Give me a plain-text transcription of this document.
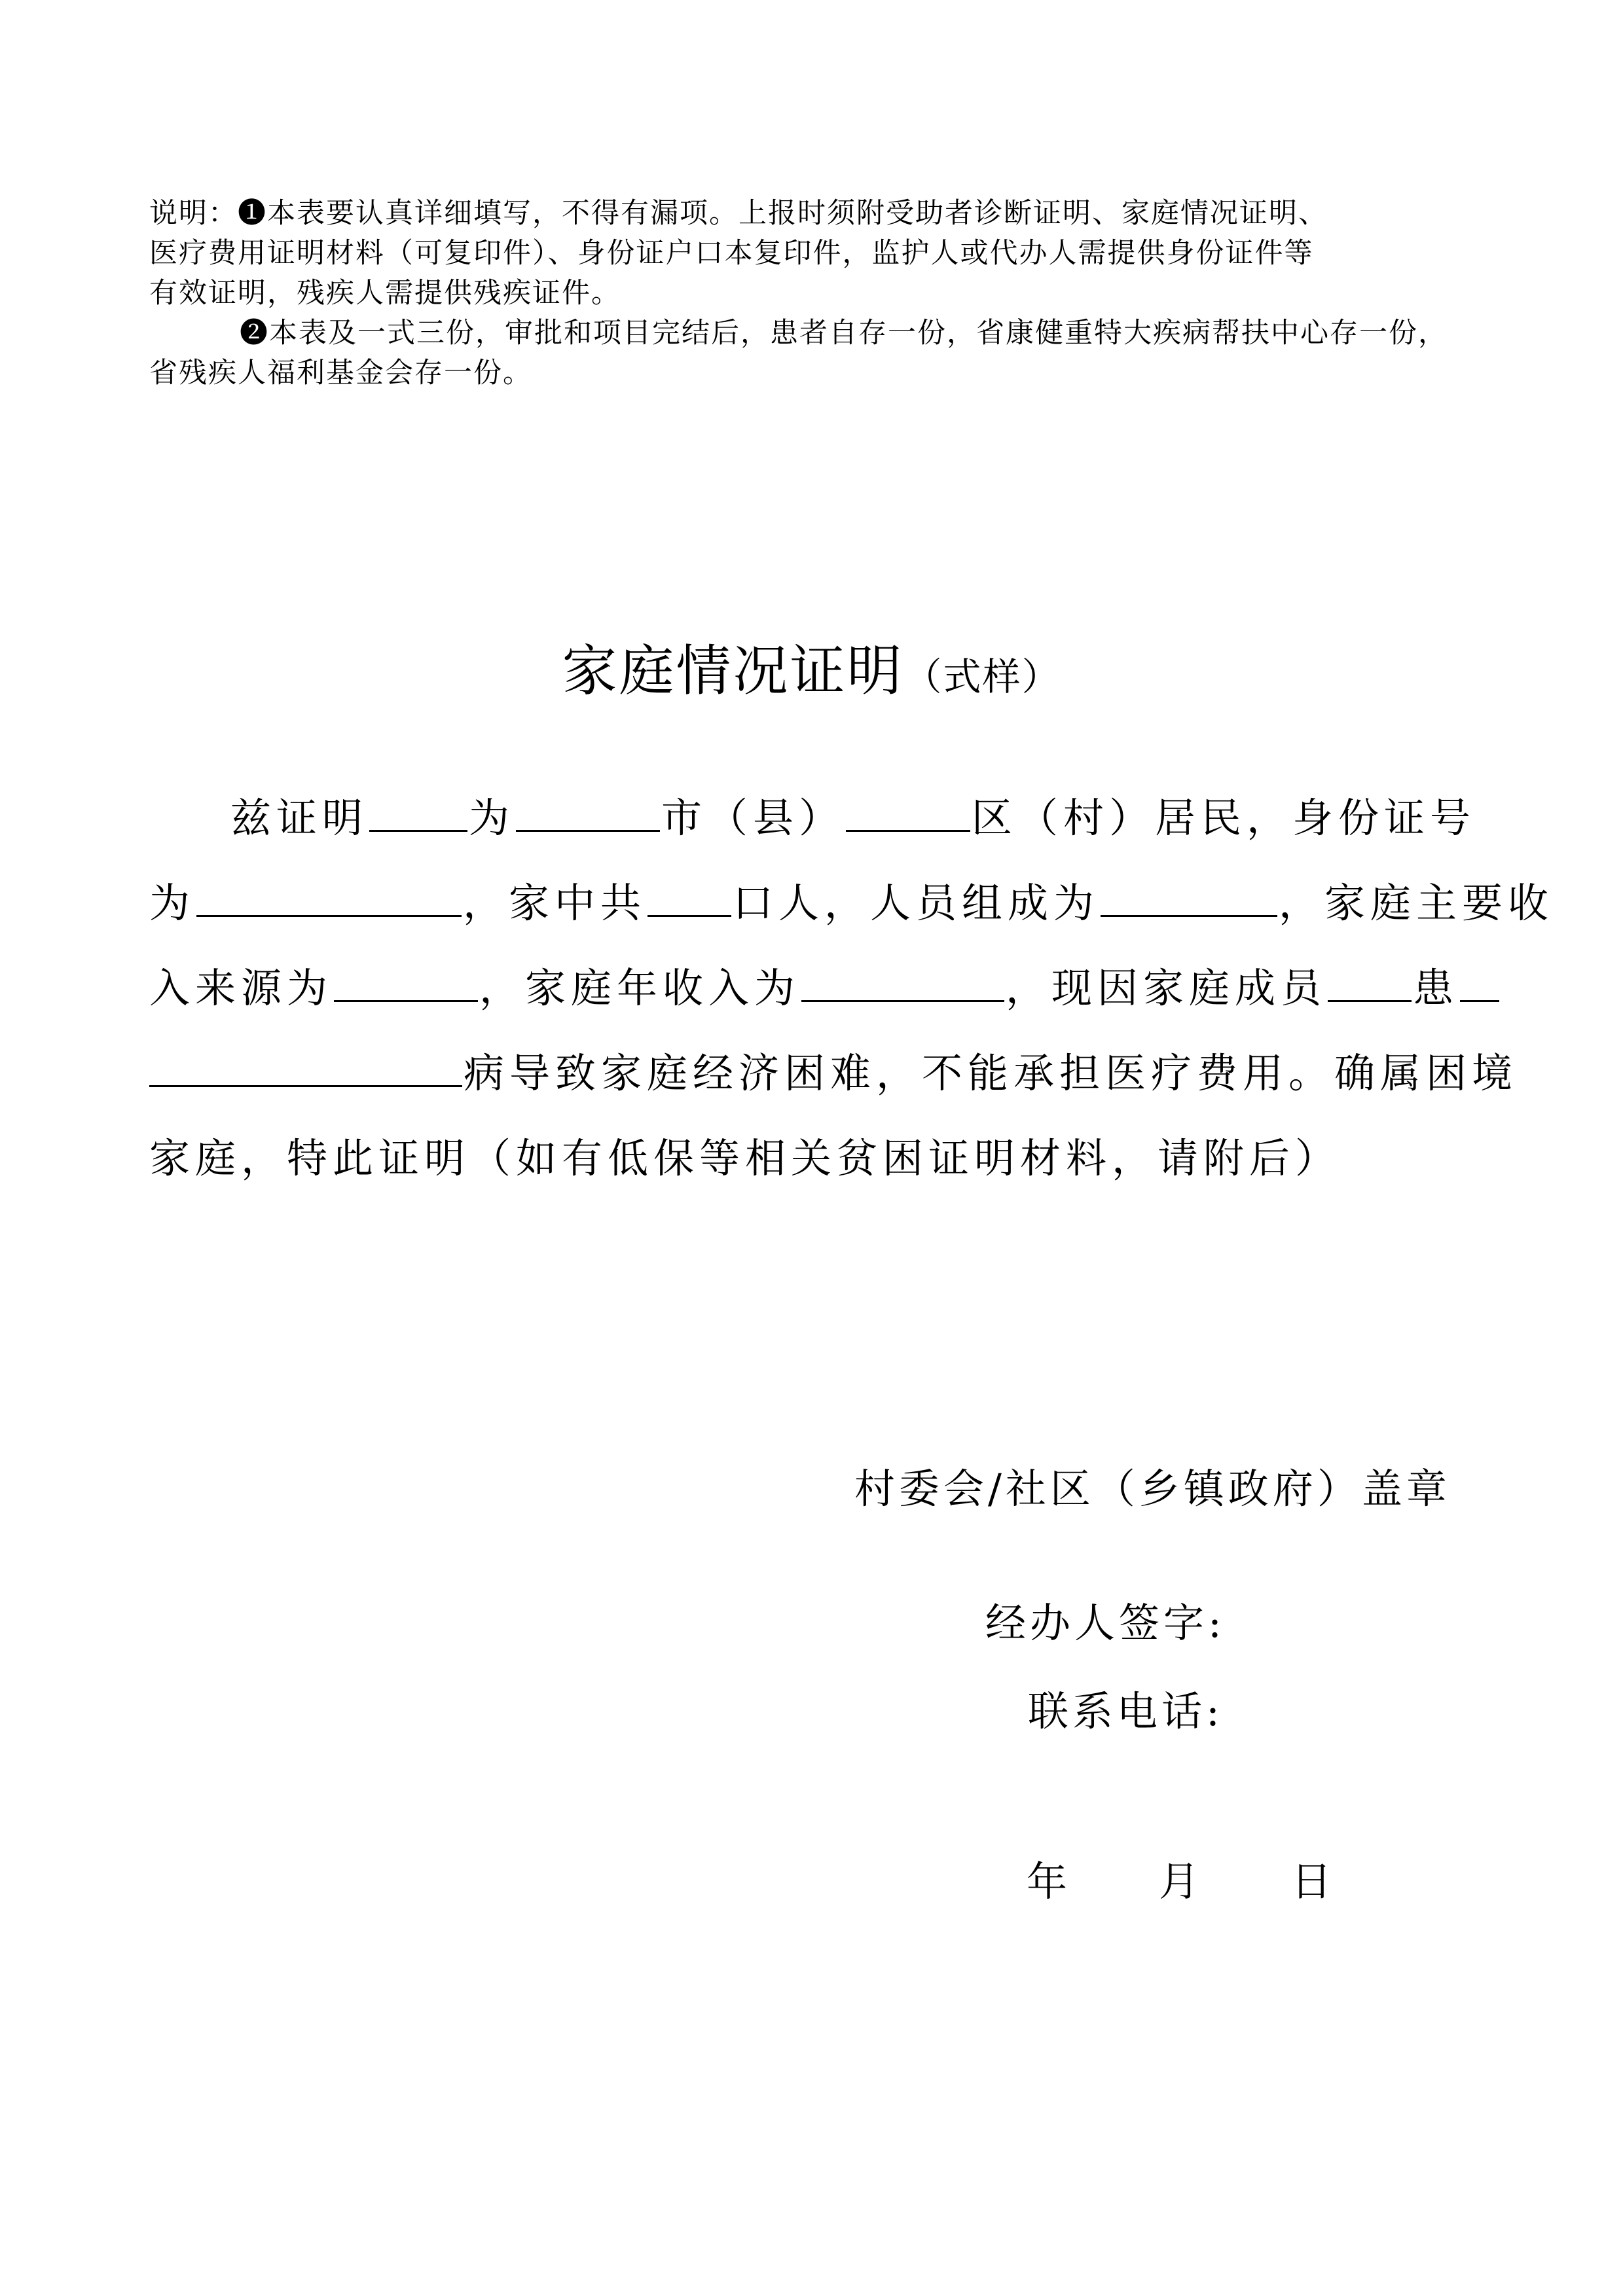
说明：❶本表要认真详细填写，不得有漏项。上报时须附受助者诊断证明、家庭情况证明、

医疗费用证明材料（可复印件）、身份证户口本复印件，监护人或代办人需提供身份证件等

有效证明，残疾人需提供残疾证件。

❷本表及一式三份，审批和项目完结后，患者自存一份，省康健重特大疾病帮扶中心存一份，

省残疾人福利基金会存一份。

家庭情况证明（式样）

兹证明 为	市（县）	区（村）居民，身份证号

为	，家中共 口人，人员组成为	，家庭主要收

入来源为	，家庭年收入为	，现因家庭成员 患

病导致家庭经济困难，不能承担医疗费用。确属困境

家庭，特此证明（如有低保等相关贫困证明材料，请附后）

村委会/社区（乡镇政府）盖章
经办人签字:
联系电话:
年 月 日
